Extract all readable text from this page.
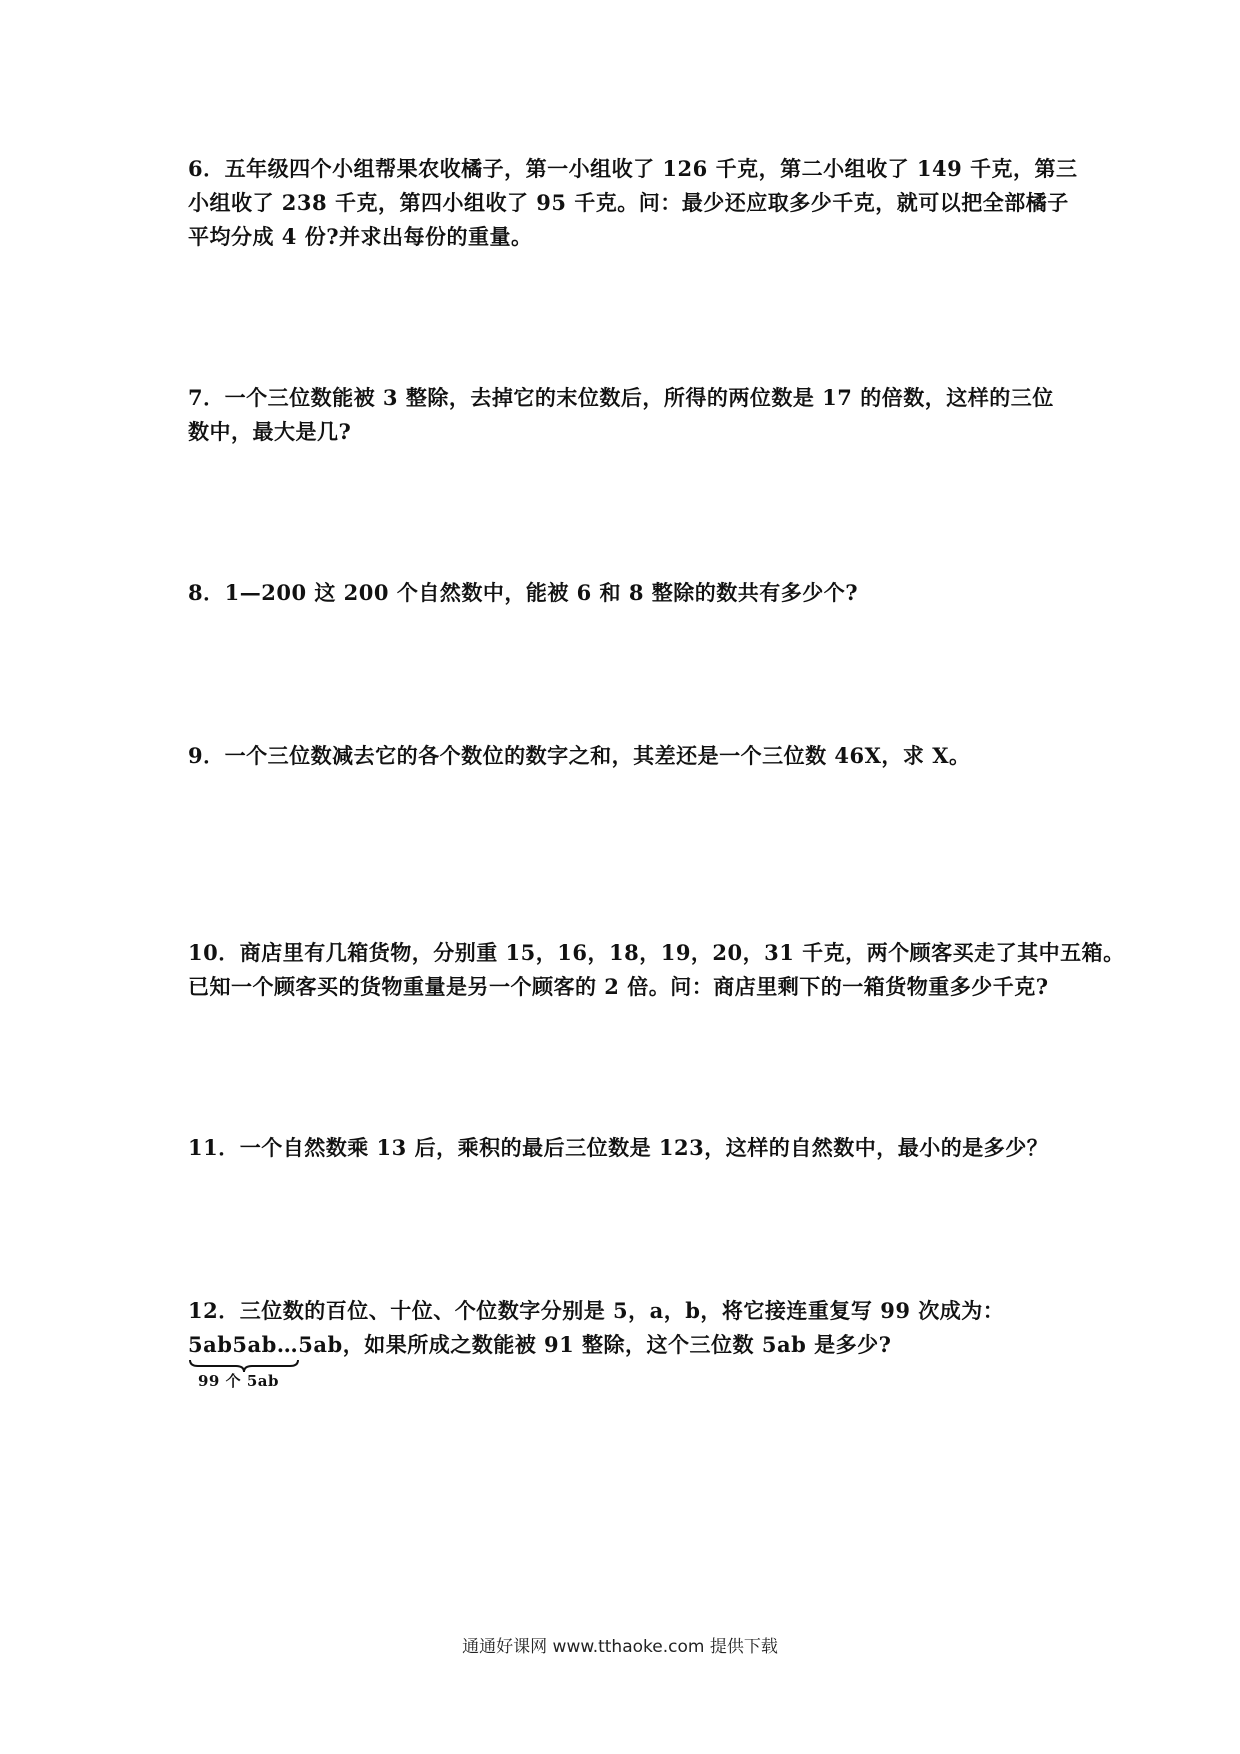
6．五年级四个小组帮果农收橘子，第一小组收了 126 千克，第二小组收了 149 千克，第三

小组收了 238 千克，第四小组收了 95 千克。问：最少还应取多少千克，就可以把全部橘子

平均分成 4 份?并求出每份的重量。

7．一个三位数能被 3 整除，去掉它的末位数后，所得的两位数是 17 的倍数，这样的三位

数中，最大是几?

8．1—200 这 200 个自然数中，能被 6 和 8 整除的数共有多少个?

9．一个三位数减去它的各个数位的数字之和，其差还是一个三位数 46X，求 X。

10．商店里有几箱货物，分别重 15，16，18，19，20，31 千克，两个顾客买走了其中五箱。

已知一个顾客买的货物重量是另一个顾客的 2 倍。问：商店里剩下的一箱货物重多少千克?

11．一个自然数乘 13 后，乘积的最后三位数是 123，这样的自然数中，最小的是多少？

12．三位数的百位、十位、个位数字分别是 5，a，b，将它接连重复写 99 次成为：

5ab5ab…5ab，如果所成之数能被 91 整除，这个三位数 5ab 是多少?

99 个 5ab
通通好课网 www.tthaoke.com 提供下载
